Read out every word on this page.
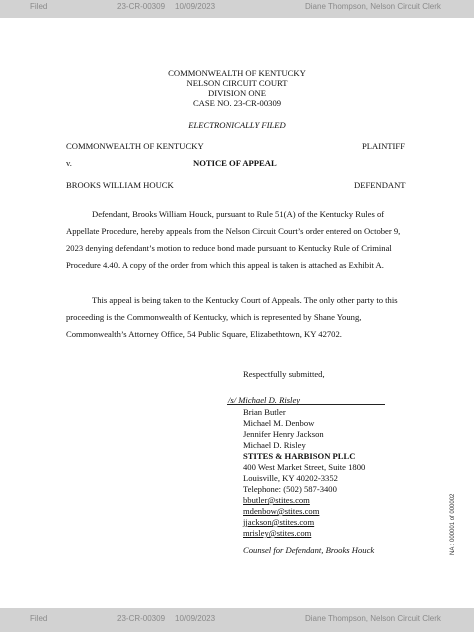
Filed	23-CR-00309 10/09/2023	Diane Thompson, Nelson Circuit Clerk
COMMONWEALTH OF KENTUCKY
NELSON CIRCUIT COURT
DIVISION ONE
CASE NO. 23-CR-00309
ELECTRONICALLY FILED
COMMONWEALTH OF KENTUCKY	PLAINTIFF
v.	NOTICE OF APPEAL
BROOKS WILLIAM HOUCK	DEFENDANT
Defendant, Brooks William Houck, pursuant to Rule 51(A) of the Kentucky Rules of
Appellate Procedure, hereby appeals from the Nelson Circuit Court’s order entered on October 9,
2023 denying defendant’s motion to reduce bond made pursuant to Kentucky Rule of Criminal
Procedure 4.40. A copy of the order from which this appeal is taken is attached as Exhibit A.
This appeal is being taken to the Kentucky Court of Appeals. The only other party to this
proceeding is the Commonwealth of Kentucky, which is represented by Shane Young,
Commonwealth’s Attorney Office, 54 Public Square, Elizabethtown, KY 42702.
Respectfully submitted,
/s/ Michael D. Risley
Brian Butler
Michael M. Denbow
Jennifer Henry Jackson
Michael D. Risley
STITES & HARBISON PLLC
400 West Market Street, Suite 1800
Louisville, KY 40202-3352
Telephone: (502) 587-3400
bbutler@stites.com
mdenbow@stites.com
jjackson@stites.com
mrisley@stites.com
Counsel for Defendant, Brooks Houck	NA : 000001 of 000002
Filed	23-CR-00309 10/09/2023	Diane Thompson, Nelson Circuit Clerk
